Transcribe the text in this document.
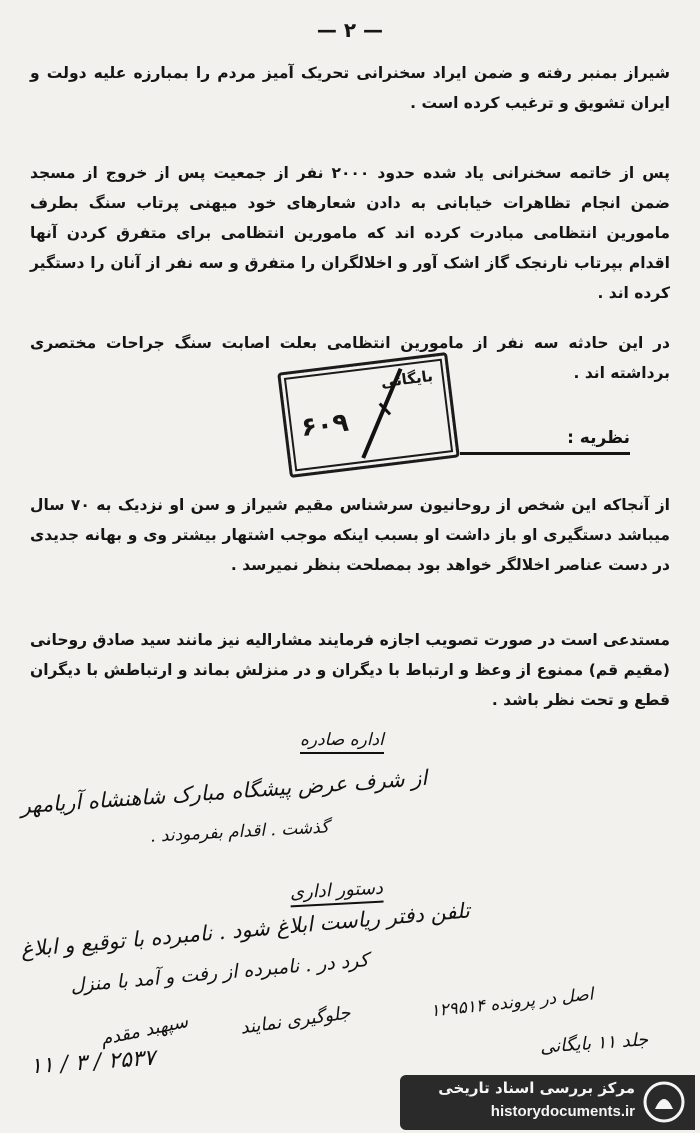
— ۲ —

شیراز بمنبر رفته و ضمن ایراد سخنرانی تحریک آمیز مردم را بمبارزه علیه دولت و ایران تشویق و ترغیب کرده است .

پس از خاتمه سخنرانی یاد شده حدود ۲۰۰۰ نفر از جمعیت پس از خروج از مسجد ضمن انجام تظاهرات خیابانی به دادن شعارهای خود میهنی پرتاب سنگ بطرف مامورین انتظامی مبادرت کرده اند که مامورین انتظامی برای متفرق کردن آنها اقدام بپرتاب نارنجک گاز اشک آور و اخلالگران را متفرق و سه نفر از آنان را دستگیر کرده اند .

بایگانی
۶۰۹

در این حادثه سه نفر از مامورین انتظامی بعلت اصابت سنگ جراحات مختصری برداشته اند .

نظریه :

از آنجاکه این شخص از روحانیون سرشناس مقیم شیراز و سن او نزدیک به ۷۰ سال میباشد دستگیری او باز داشت او بسبب اینکه موجب اشتهار بیشتر وی و بهانه جدیدی در دست عناصر اخلالگر خواهد بود بمصلحت بنظر نمیرسد .

مستدعی است در صورت تصویب اجازه فرمایند مشارالیه نیز مانند سید صادق روحانی (مقیم قم) ممنوع از وعظ و ارتباط با دیگران و در منزلش بماند و ارتباطش با دیگران قطع و تحت نظر باشد .

اداره صادره
از شرف عرض پیشگاه مبارک شاهنشاه آریامهر
گذشت . اقدام بفرمودند .
دستور اداری
تلفن دفتر ریاست ابلاغ شود . نامبرده با توقیع و ابلاغ
کرد در . نامبرده از رفت و آمد با منزل
جلوگیری نمایند
سپهبد مقدم
۱۱ / ۳ / ۲۵۳۷
اصل در پرونده ۱۲۹۵۱۴
جلد ۱۱ بایگانی
مرکز بررسی اسناد تاریخی
historydocuments.ir
